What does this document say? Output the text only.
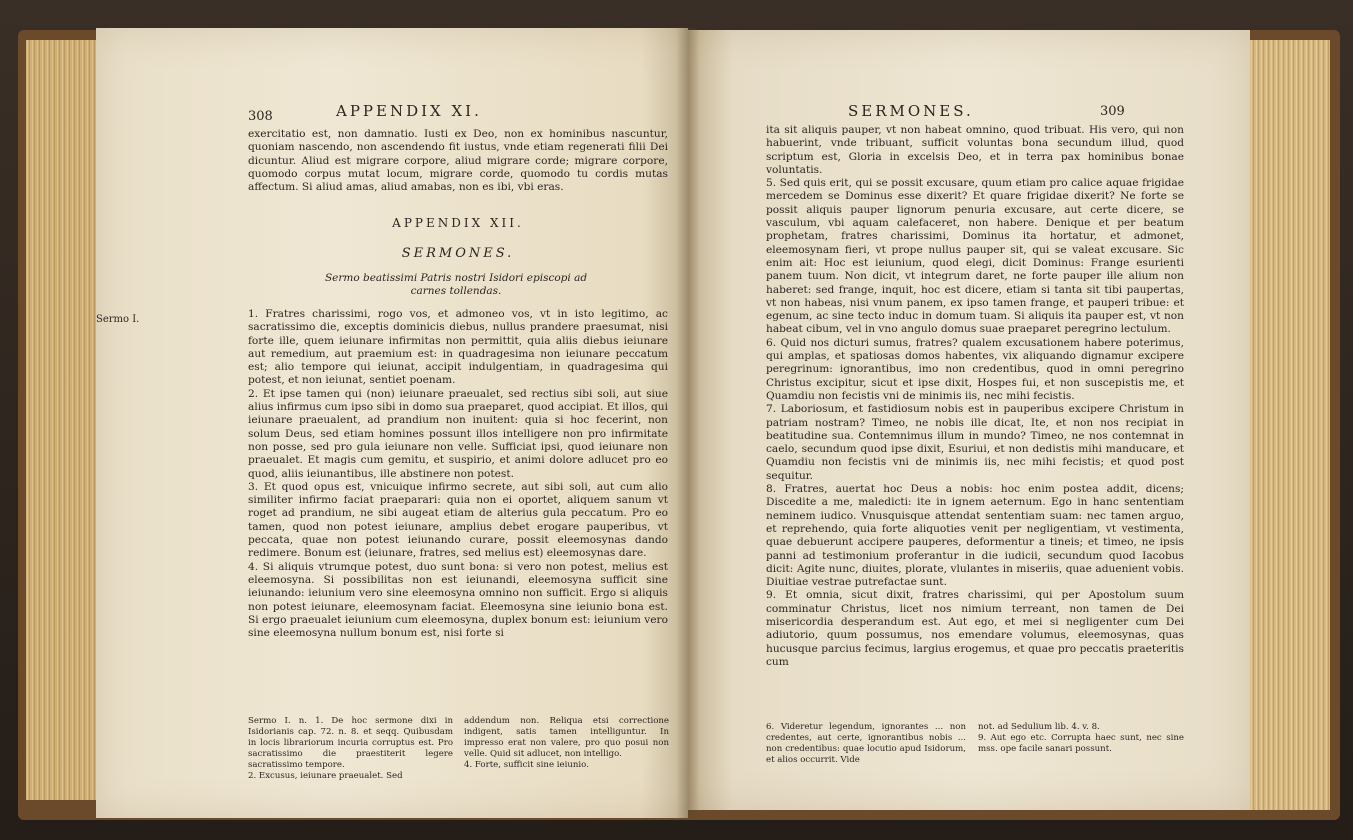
308	APPENDIX XI.

exercitatio est, non damnatio. Iusti ex Deo, non ex hominibus nascuntur, quoniam nascendo, non ascendendo fit iustus, vnde etiam regenerati filii Dei dicuntur. Aliud est migrare corpore, aliud migrare corde; migrare corpore, quomodo corpus mutat locum, migrare corde, quomodo tu cordis mutas affectum. Si aliud amas, aliud amabas, non es ibi, vbi eras.

APPENDIX XII.
SERMONES.
Sermo beatissimi Patris nostri Isidori episcopi ad carnes tollendas.
Sermo I.	1. Fratres charissimi, rogo vos, et admoneo vos, vt in isto legitimo, ac sacratissimo die, exceptis dominicis diebus, nullus prandere praesumat, nisi forte ille, quem ieiunare infirmitas non permittit, quia aliis diebus ieiunare aut remedium, aut praemium est: in quadragesima non ieiunare peccatum est; alio tempore qui ieiunat, accipit indulgentiam, in quadragesima qui potest, et non ieiunat, sentiet poenam.

2. Et ipse tamen qui (non) ieiunare praeualet, sed rectius sibi soli, aut siue alius infirmus cum ipso sibi in domo sua praeparet, quod accipiat. Et illos, qui ieiunare praeualent, ad prandium non inuitent: quia si hoc fecerint, non solum Deus, sed etiam homines possunt illos intelligere non pro infirmitate non posse, sed pro gula ieiunare non velle. Sufficiat ipsi, quod ieiunare non praeualet. Et magis cum gemitu, et suspirio, et animi dolore adlucet pro eo quod, aliis ieiunantibus, ille abstinere non potest.

3. Et quod opus est, vnicuique infirmo secrete, aut sibi soli, aut cum alio similiter infirmo faciat praeparari: quia non ei oportet, aliquem sanum vt roget ad prandium, ne sibi augeat etiam de alterius gula peccatum. Pro eo tamen, quod non potest ieiunare, amplius debet erogare pauperibus, vt peccata, quae non potest ieiunando curare, possit eleemosynas dando redimere. Bonum est (ieiunare, fratres, sed melius est) eleemosynas dare.

4. Si aliquis vtrumque potest, duo sunt bona: si vero non potest, melius est eleemosyna. Si possibilitas non est ieiunandi, eleemosyna sufficit sine ieiunando: ieiunium vero sine eleemosyna omnino non sufficit. Ergo si aliquis non potest ieiunare, eleemosynam faciat. Eleemosyna sine ieiunio bona est. Si ergo praeualet ieiunium cum eleemosyna, duplex bonum est: ieiunium vero sine eleemosyna nullum bonum est, nisi forte si

Sermo I. n. 1. De hoc sermone dixi in Isidorianis cap. 72. n. 8. et seqq. Quibusdam in locis librariorum incuria corruptus est. Pro sacratissimo die praestiterit legere sacratissimo tempore.

2. Excusus, ieiunare praeualet. Sed

addendum non. Reliqua etsi correctione indigent, satis tamen intelliguntur. In impresso erat non valere, pro quo posui non velle. Quid sit adlucet, non intelligo.

4. Forte, sufficit sine ieiunio.

SERMONES.	309

ita sit aliquis pauper, vt non habeat omnino, quod tribuat. His vero, qui non habuerint, vnde tribuant, sufficit voluntas bona secundum illud, quod scriptum est, Gloria in excelsis Deo, et in terra pax hominibus bonae voluntatis.

5. Sed quis erit, qui se possit excusare, quum etiam pro calice aquae frigidae mercedem se Dominus esse dixerit? Et quare frigidae dixerit? Ne forte se possit aliquis pauper lignorum penuria excusare, aut certe dicere, se vasculum, vbi aquam calefaceret, non habere. Denique et per beatum prophetam, fratres charissimi, Dominus ita hortatur, et admonet, eleemosynam fieri, vt prope nullus pauper sit, qui se valeat excusare. Sic enim ait: Hoc est ieiunium, quod elegi, dicit Dominus: Frange esurienti panem tuum. Non dicit, vt integrum daret, ne forte pauper ille alium non haberet: sed frange, inquit, hoc est dicere, etiam si tanta sit tibi paupertas, vt non habeas, nisi vnum panem, ex ipso tamen frange, et pauperi tribue: et egenum, ac sine tecto induc in domum tuam. Si aliquis ita pauper est, vt non habeat cibum, vel in vno angulo domus suae praeparet peregrino lectulum.

6. Quid nos dicturi sumus, fratres? qualem excusationem habere poterimus, qui amplas, et spatiosas domos habentes, vix aliquando dignamur excipere peregrinum: ignorantibus, imo non credentibus, quod in omni peregrino Christus excipitur, sicut et ipse dixit, Hospes fui, et non suscepistis me, et Quamdiu non fecistis vni de minimis iis, nec mihi fecistis.

7. Laboriosum, et fastidiosum nobis est in pauperibus excipere Christum in patriam nostram? Timeo, ne nobis ille dicat, Ite, et non nos recipiat in beatitudine sua. Contemnimus illum in mundo? Timeo, ne nos contemnat in caelo, secundum quod ipse dixit, Esuriui, et non dedistis mihi manducare, et Quamdiu non fecistis vni de minimis iis, nec mihi fecistis; et quod post sequitur.

8. Fratres, auertat hoc Deus a nobis: hoc enim postea addit, dicens; Discedite a me, maledicti: ite in ignem aeternum. Ego in hanc sententiam neminem iudico. Vnusquisque attendat sententiam suam: nec tamen arguo, et reprehendo, quia forte aliquoties venit per negligentiam, vt vestimenta, quae debuerunt accipere pauperes, deformentur a tineis; et timeo, ne ipsis panni ad testimonium proferantur in die iudicii, secundum quod Iacobus dicit: Agite nunc, diuites, plorate, vlulantes in miseriis, quae aduenient vobis. Diuitiae vestrae putrefactae sunt.

9. Et omnia, sicut dixit, fratres charissimi, qui per Apostolum suum comminatur Christus, licet nos nimium terreant, non tamen de Dei misericordia desperandum est. Aut ego, et mei si negligenter cum Dei adiutorio, quum possumus, nos emendare volumus, eleemosynas, quas hucusque parcius fecimus, largius erogemus, et quae pro peccatis praeteritis cum

6. Videretur legendum, ignorantes ... non credentes, aut certe, ignorantibus nobis ... non credentibus: quae locutio apud Isidorum, et alios occurrit. Vide

not. ad Sedulium lib. 4. v. 8.

9. Aut ego etc. Corrupta haec sunt, nec sine mss. ope facile sanari possunt.
